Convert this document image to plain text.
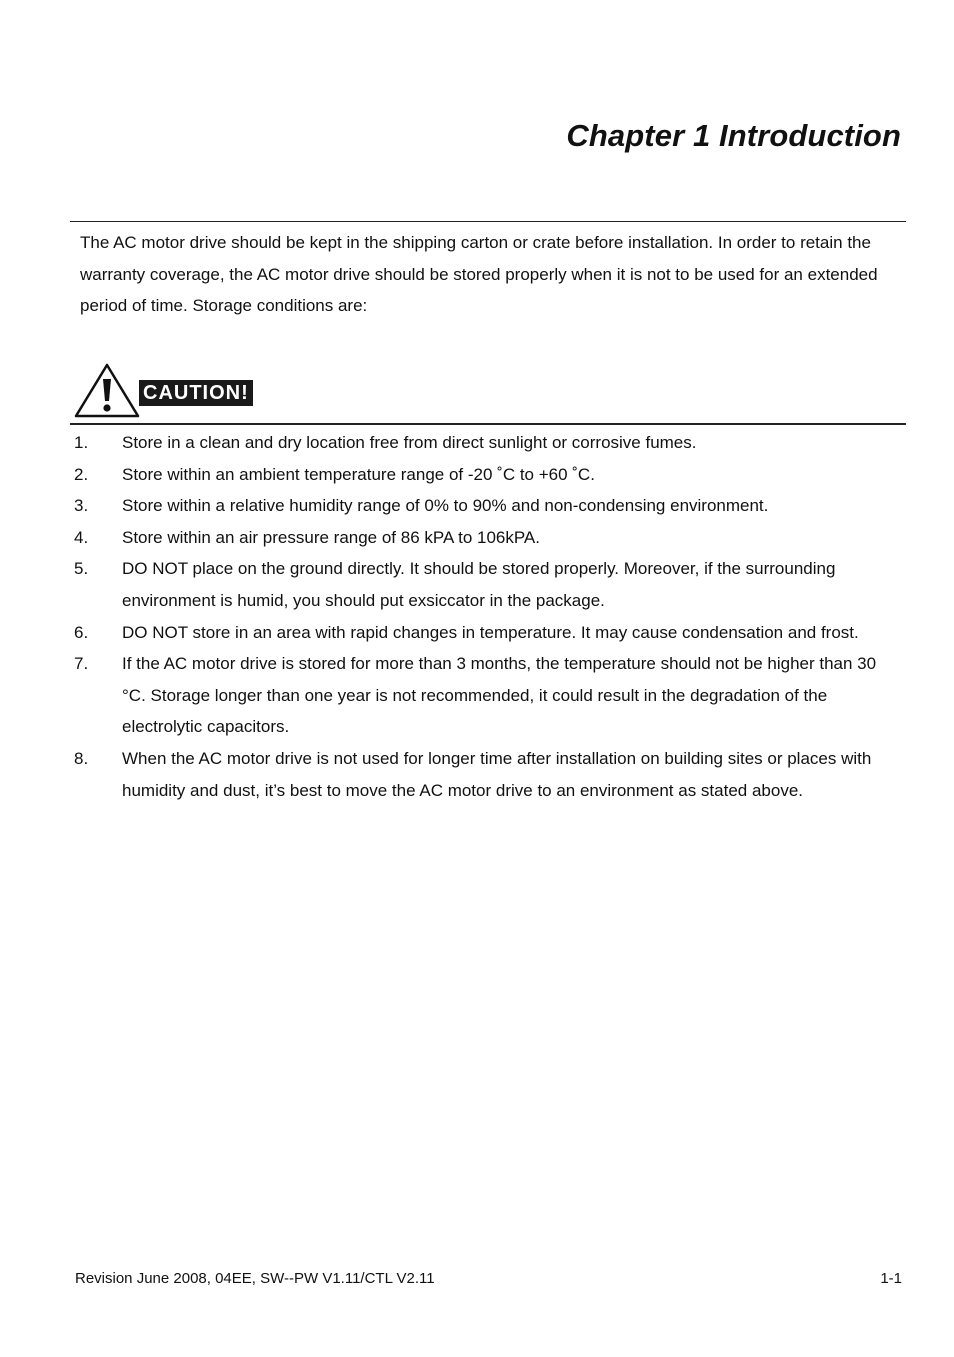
Chapter 1 Introduction

The AC motor drive should be kept in the shipping carton or crate before installation. In order to retain the warranty coverage, the AC motor drive should be stored properly when it is not to be used for an extended period of time. Storage conditions are:

CAUTION!
1. Store in a clean and dry location free from direct sunlight or corrosive fumes.
2. Store within an ambient temperature range of -20 ˚C to +60 ˚C.
3. Store within a relative humidity range of 0% to 90% and non-condensing environment.
4. Store within an air pressure range of 86 kPA to 106kPA.
5. DO NOT place on the ground directly. It should be stored properly. Moreover, if the surrounding environment is humid, you should put exsiccator in the package.
6. DO NOT store in an area with rapid changes in temperature. It may cause condensation and frost.
7. If the AC motor drive is stored for more than 3 months, the temperature should not be higher than 30 °C. Storage longer than one year is not recommended, it could result in the degradation of the electrolytic capacitors.
8. When the AC motor drive is not used for longer time after installation on building sites or places with humidity and dust, it’s best to move the AC motor drive to an environment as stated above.
Revision June 2008, 04EE, SW--PW V1.11/CTL V2.11	1-1
